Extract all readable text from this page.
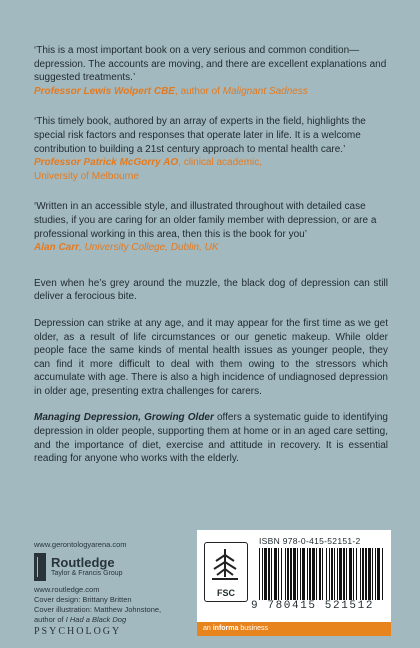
‘This is a most important book on a very serious and common condition—depression. The accounts are moving, and there are excellent explanations and suggested treatments.’

Professor Lewis Wolpert CBE, author of Malignant Sadness

‘This timely book, authored by an array of experts in the field, highlights the special risk factors and responses that operate later in life. It is a welcome contribution to building a 21st century approach to mental health care.’

Professor Patrick McGorry AO, clinical academic,
University of Melbourne

‘Written in an accessible style, and illustrated throughout with detailed case studies, if you are caring for an older family member with depression, or are a professional working in this area, then this is the book for you’

Alan Carr, University College, Dublin, UK

Even when he’s grey around the muzzle, the black dog of depression can still deliver a ferocious bite.

Depression can strike at any age, and it may appear for the first time as we get older, as a result of life circumstances or our genetic makeup. While older people face the same kinds of mental health issues as younger people, they can find it more difficult to deal with them owing to the stressors which accumulate with age. There is also a high incidence of undiagnosed depression in older age, presenting extra challenges for carers.

Managing Depression, Growing Older offers a systematic guide to identifying depression in older people, supporting them at home or in an aged care setting, and the importance of diet, exercise and attitude in recovery. It is essential reading for anyone who works with the elderly.

www.gerontologyarena.com
Routledge
Taylor & Francis Group

www.routledge.com

Cover design: Brittany Britten

Cover illustration: Matthew Johnstone,

author of I Had a Black Dog

PSYCHOLOGY
FSC
ISBN 978-0-415-52151-2
9 780415 521512
an informa business
